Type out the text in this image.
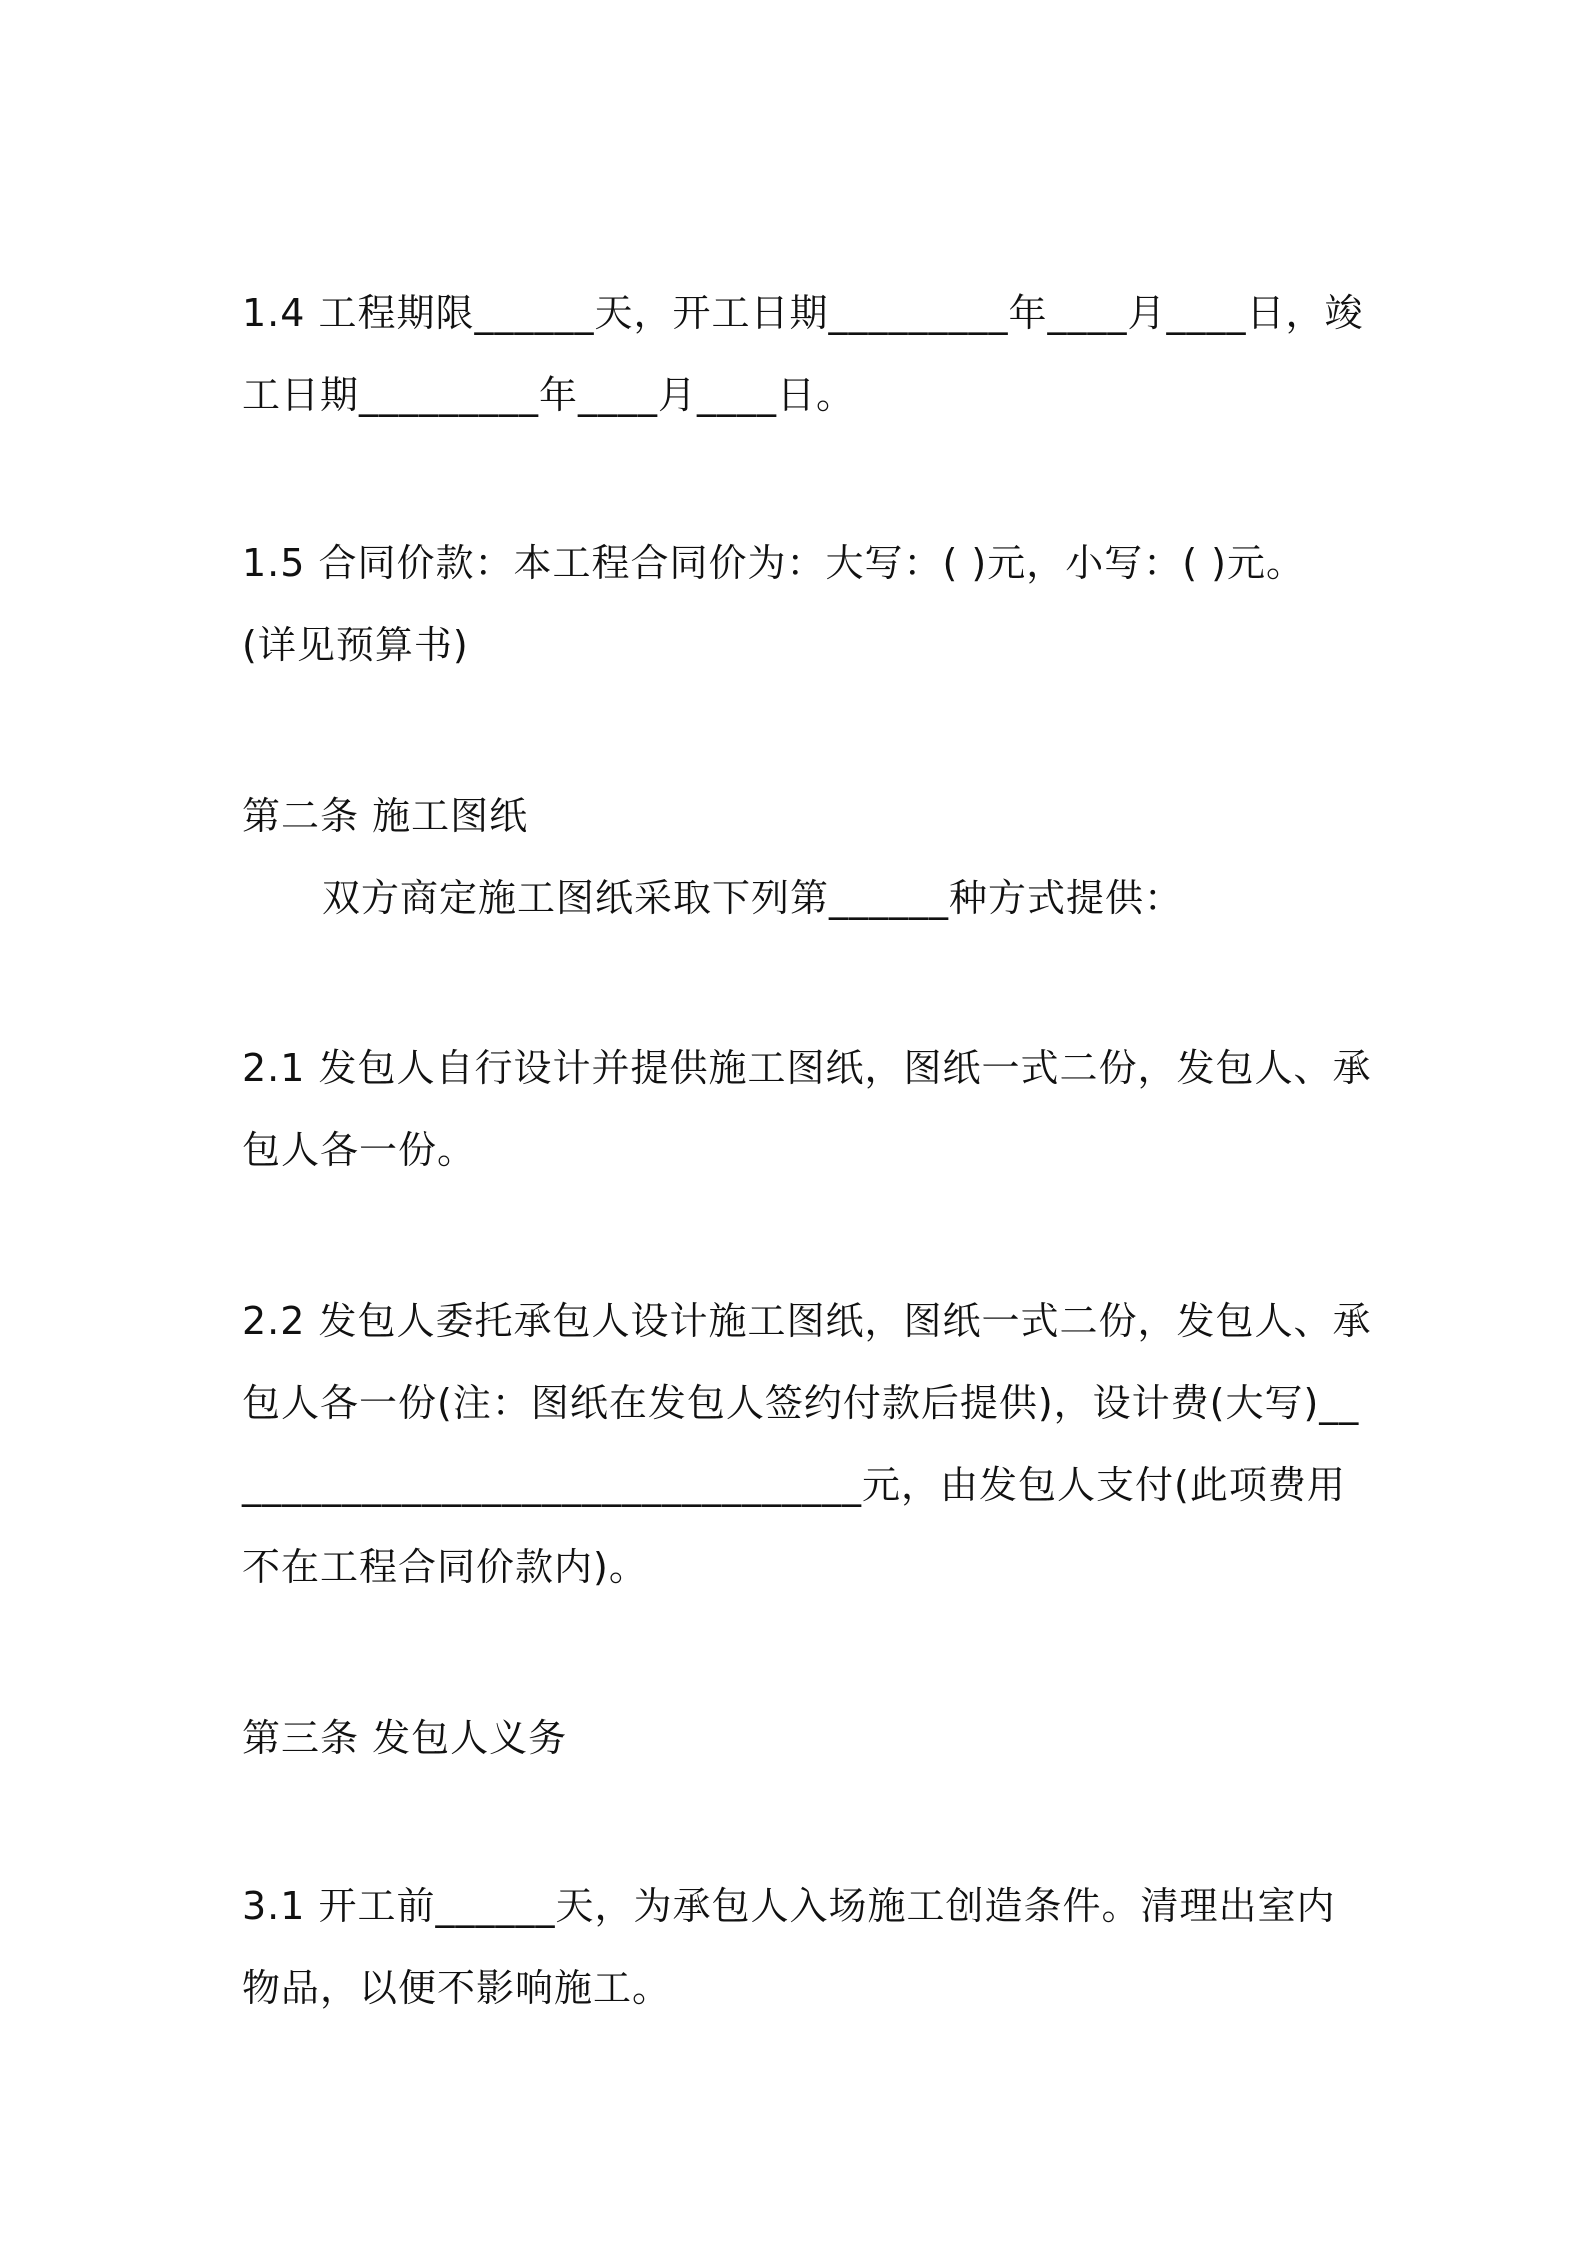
1.4 工程期限______天，开工日期_________年____月____日，竣工日期_________年____月____日。

1.5 合同价款：本工程合同价为：大写：( )元，小写：( )元。 (详见预算书)

第二条 施工图纸

双方商定施工图纸采取下列第______种方式提供：

2.1 发包人自行设计并提供施工图纸，图纸一式二份，发包人、承包人各一份。

2.2 发包人委托承包人设计施工图纸，图纸一式二份，发包人、承包人各一份(注：图纸在发包人签约付款后提供)，设计费(大写)_________________________________元，由发包人支付(此项费用不在工程合同价款内)。

第三条 发包人义务

3.1 开工前______天，为承包人入场施工创造条件。清理出室内物品，以便不影响施工。
